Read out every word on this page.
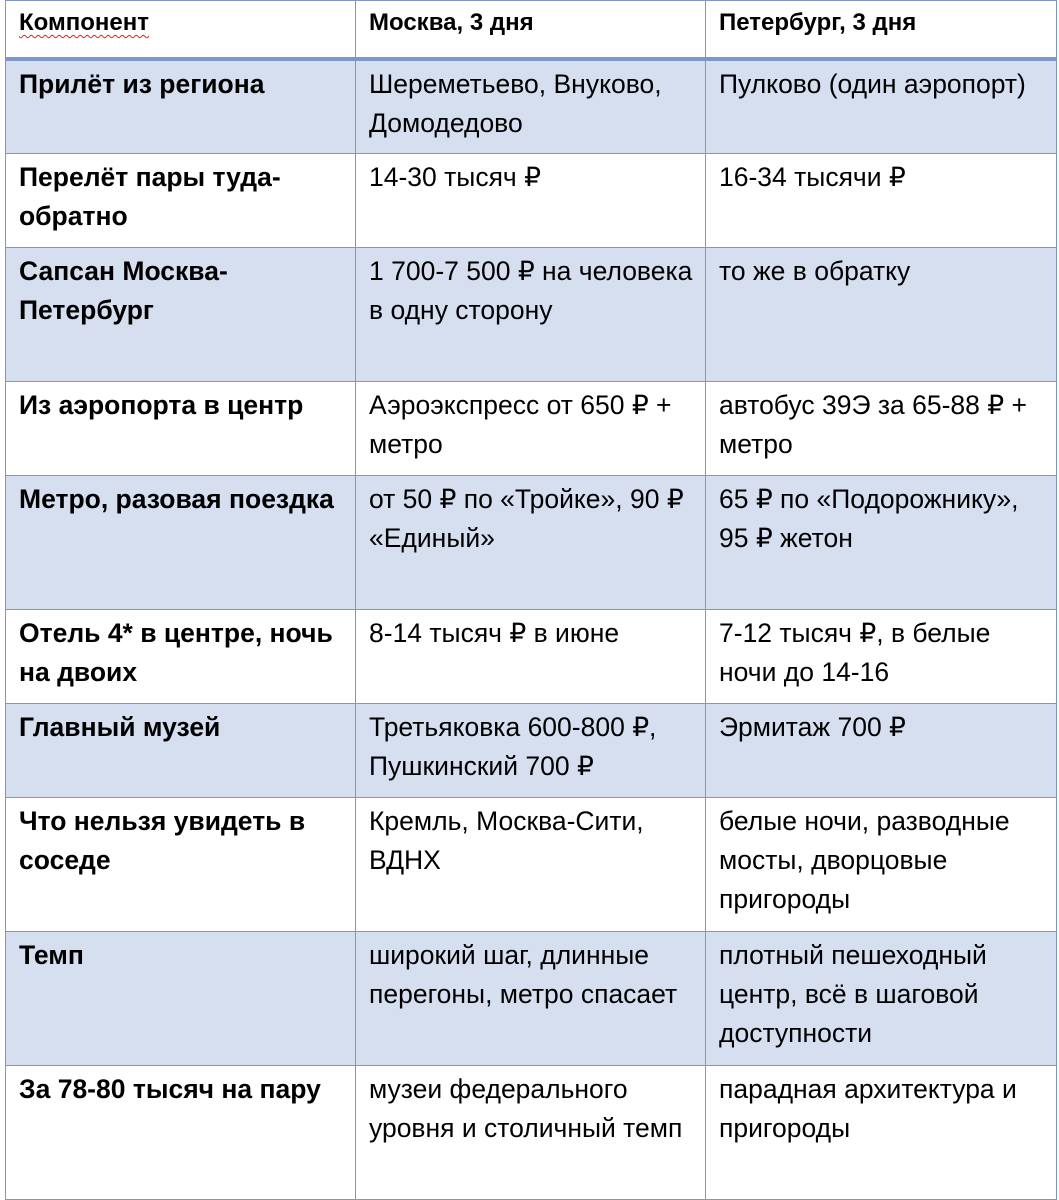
Компонент	Москва, 3 дня	Петербург, 3 дня
Прилёт из региона	Шереметьево, Внуково, Домодедово	Пулково (один аэропорт)
Перелёт пары туда-обратно	14-30 тысяч ₽	16-34 тысячи ₽
Сапсан Москва-Петербург	1 700-7 500 ₽ на человека в одну сторону	то же в обратку
Из аэропорта в центр	Аэроэкспресс от 650 ₽ + метро	автобус 39Э за 65-88 ₽ + метро
Метро, разовая поездка	от 50 ₽ по «Тройке», 90 ₽ «Единый»	65 ₽ по «Подорожнику», 95 ₽ жетон
Отель 4* в центре, ночь на двоих	8-14 тысяч ₽ в июне	7-12 тысяч ₽, в белые ночи до 14-16
Главный музей	Третьяковка 600-800 ₽, Пушкинский 700 ₽	Эрмитаж 700 ₽
Что нельзя увидеть в соседе	Кремль, Москва-Сити, ВДНХ	белые ночи, разводные мосты, дворцовые пригороды
Темп	широкий шаг, длинные перегоны, метро спасает	плотный пешеходный центр, всё в шаговой доступности
За 78-80 тысяч на пару	музеи федерального уровня и столичный темп	парадная архитектура и пригороды
